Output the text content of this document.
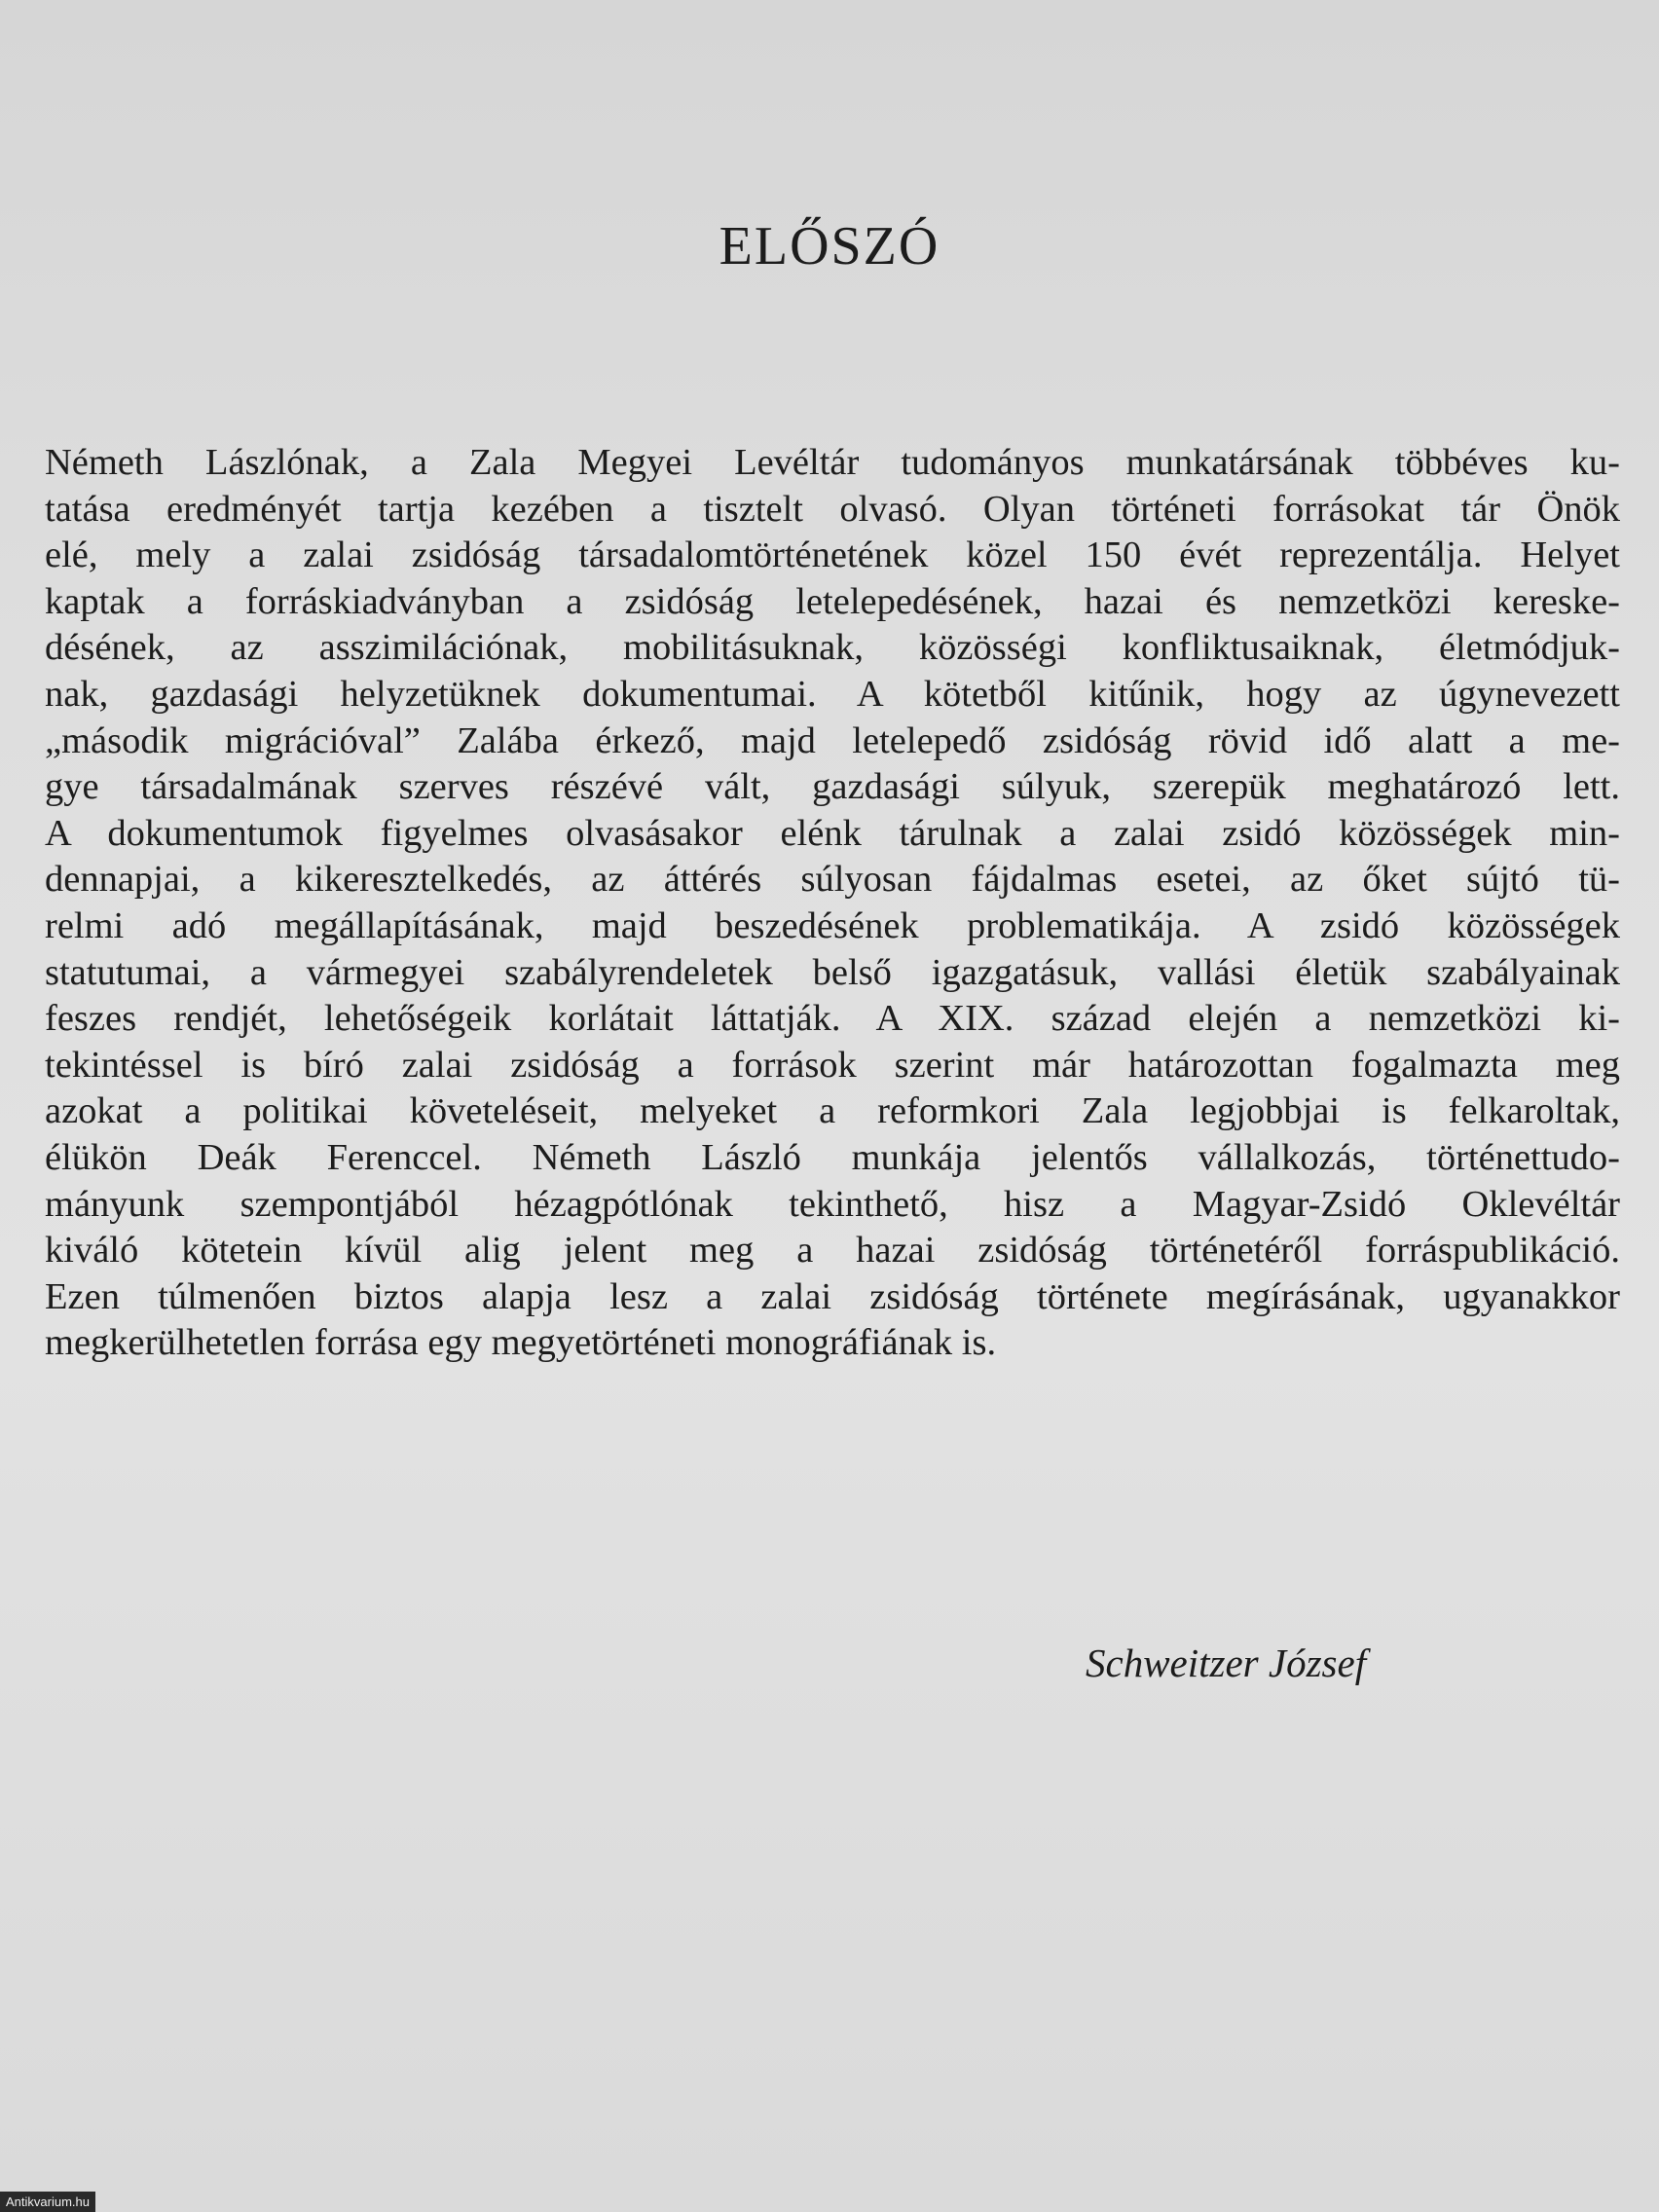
ELŐSZÓ
Németh Lászlónak, a Zala Megyei Levéltár tudományos munkatársának többéves ku-
tatása eredményét tartja kezében a tisztelt olvasó. Olyan történeti forrásokat tár Önök
elé, mely a zalai zsidóság társadalomtörténetének közel 150 évét reprezentálja. Helyet
kaptak a forráskiadványban a zsidóság letelepedésének, hazai és nemzetközi kereske-
désének, az asszimilációnak, mobilitásuknak, közösségi konfliktusaiknak, életmódjuk-
nak, gazdasági helyzetüknek dokumentumai. A kötetből kitűnik, hogy az úgynevezett
„második migrációval” Zalába érkező, majd letelepedő zsidóság rövid idő alatt a me-
gye társadalmának szerves részévé vált, gazdasági súlyuk, szerepük meghatározó lett.
A dokumentumok figyelmes olvasásakor elénk tárulnak a zalai zsidó közösségek min-
dennapjai, a kikeresztelkedés, az áttérés súlyosan fájdalmas esetei, az őket sújtó tü-
relmi adó megállapításának, majd beszedésének problematikája. A zsidó közösségek
statutumai, a vármegyei szabályrendeletek belső igazgatásuk, vallási életük szabályainak
feszes rendjét, lehetőségeik korlátait láttatják. A XIX. század elején a nemzetközi ki-
tekintéssel is bíró zalai zsidóság a források szerint már határozottan fogalmazta meg
azokat a politikai követeléseit, melyeket a reformkori Zala legjobbjai is felkaroltak,
élükön Deák Ferenccel. Németh László munkája jelentős vállalkozás, történettudo-
mányunk szempontjából hézagpótlónak tekinthető, hisz a Magyar-Zsidó Oklevéltár
kiváló kötetein kívül alig jelent meg a hazai zsidóság történetéről forráspublikáció.
Ezen túlmenően biztos alapja lesz a zalai zsidóság története megírásának, ugyanakkor
megkerülhetetlen forrása egy megyetörténeti monográfiának is.
Schweitzer József
Antikvarium.hu
